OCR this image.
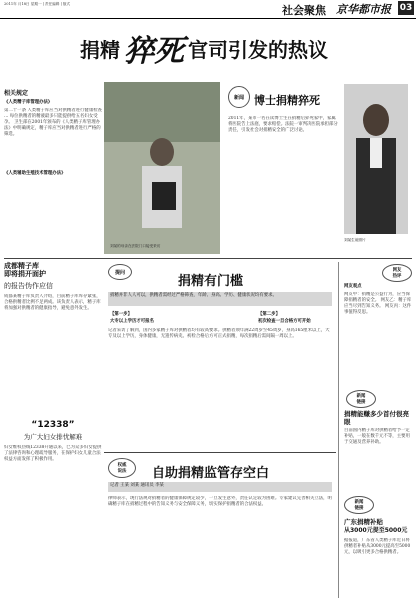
2011年 月18日 星期一 | 责任编辑 | 版式	社会聚焦 京华都市报 03
捐精 猝死 官司引发的热议
相关规定
《人类精子库管理办法》
第二十一条 人类精子库应当对供精者进行健康检查 … 每位供精者的精液最多只能提供给五名妇女受孕。 卫生部在2001年颁布的《人类精子库管理办法》中明确规定，精子库应当对供精者进行严格的筛选。
《人类辅助生殖技术管理办法》
刘某的母亲在法院门口接受采访
新闻 博士捐精猝死
2011年，某市一名在读博士生在捐精后猝死家中，家属将医院告上法庭，要求赔偿。法院一审判决医院承担部分责任，引发社会对捐精安全的广泛讨论。
刘某生前照片
成都精子库
即将捐开面护
的报告伪作应信
成都某精子库负责人介绍，目前精子库库存紧张，合格供精者比例不足两成。该负责人表示，精子库将加强对供精者的健康指导，避免意外发生。
提问
捐精有门槛
捐精并非人人可以，供精者需经过严格筛查，年龄、身高、学历、健康状况均有要求。
【第一步】
大专以上学历才可报名
【第二步】
初次检查一旦合格方可开始
记者采访了解到，国内多家精子库对供精者均有较高要求。供精者须年满22周岁至45周岁，身高165厘米以上，大专及以上学历，身体健康，无遗传病史。初检合格后方可正式捐精，每次捐精后需间隔一周以上。
网友
热评
网友观点
网友甲：捐精是公益行为，应当保障捐精者的安全。 网友乙：精子库应当尽到告知义务。 网友丙：这件事值得反思。
新闻
链接
捐精能赚多少首付很亮眼
目前国内精子库对供精者给予一定补贴，一般在数千元不等，主要用于交通及营养补助。
新闻
链接
广东捐精补贴
从3000元提至5000元
据报道，广东省人类精子库近日将供精者补贴从3000元提高至5000元，以吸引更多合格供精者。
“12338”
为广大妇女排忧解难
妇女维权热线12338开通以来，已为众多妇女提供了法律咨询和心理疏导服务，在保护妇女儿童合法权益方面发挥了积极作用。
权威
说法 自助捐精监管存空白
记者 王某 刘某 通讯员 李某
律师表示，现行法规对捐精者的健康保障规定较少，一旦发生意外，责任认定较为困难。专家建议完善相关立法，明确精子库在捐精过程中的告知义务与安全保障义务，切实保护捐精者的合法权益。
